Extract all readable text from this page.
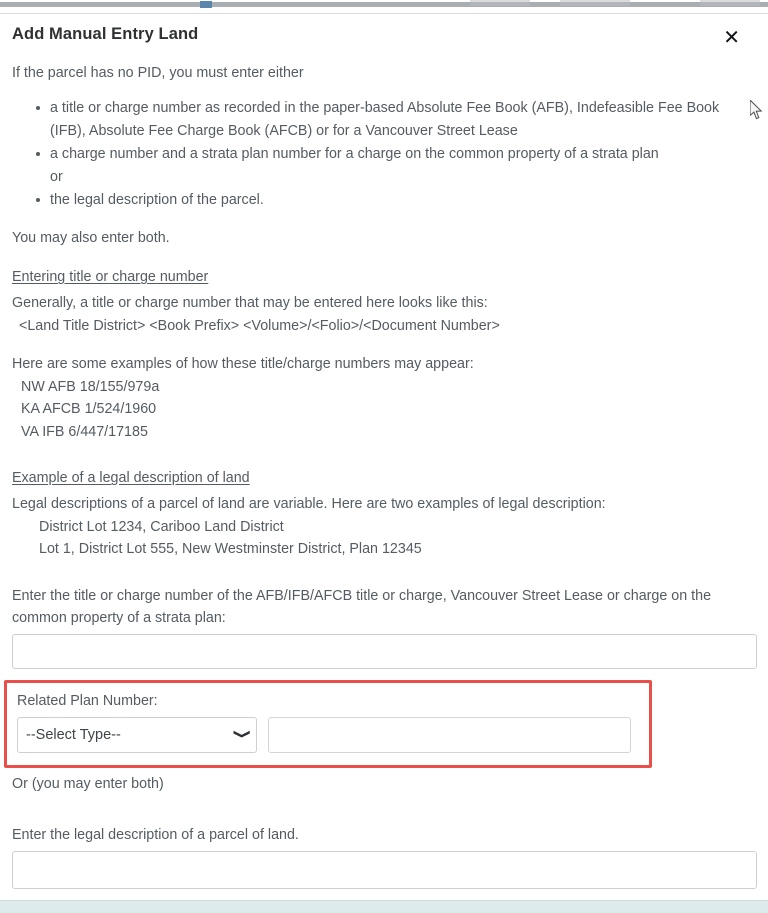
Add Manual Entry Land	✕

If the parcel has no PID, you must enter either

a title or charge number as recorded in the paper-based Absolute Fee Book (AFB), Indefeasible Fee Book (IFB), Absolute Fee Charge Book (AFCB) or for a Vancouver Street Lease
a charge number and a strata plan number for a charge on the common property of a strata plan
or
the legal description of the parcel.

You may also enter both.

Entering title or charge number

Generally, a title or charge number that may be entered here looks like this:

<Land Title District> <Book Prefix> <Volume>/<Folio>/<Document Number>

Here are some examples of how these title/charge numbers may appear:

NW AFB 18/155/979a

KA AFCB 1/524/1960

VA IFB 6/447/17185

Example of a legal description of land

Legal descriptions of a parcel of land are variable. Here are two examples of legal description:

District Lot 1234, Cariboo Land District

Lot 1, District Lot 555, New Westminster District, Plan 12345

Enter the title or charge number of the AFB/IFB/AFCB title or charge, Vancouver Street Lease or charge on the common property of a strata plan:

Related Plan Number:
--Select Type--
❯

Or (you may enter both)

Enter the legal description of a parcel of land.
